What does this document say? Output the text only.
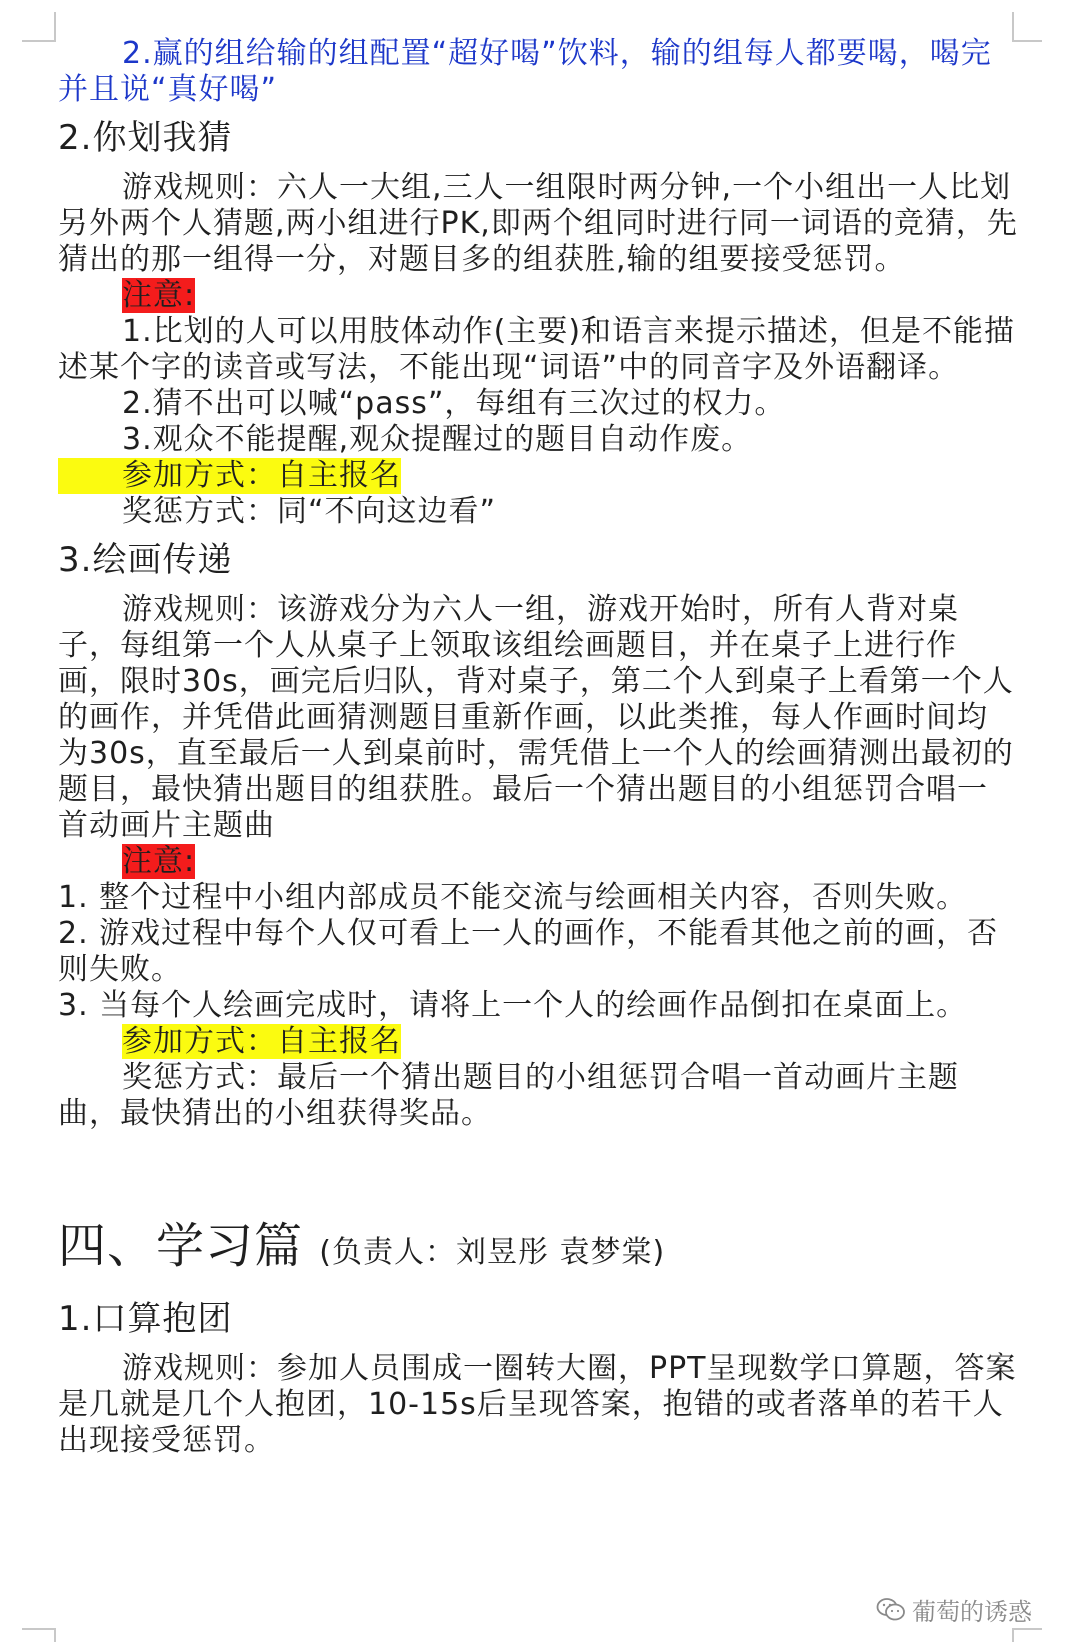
2.赢的组给输的组配置“超好喝”饮料，输的组每人都要喝，喝完并且说“真好喝”

2.你划我猜

游戏规则：六人一大组,三人一组限时两分钟,一个小组出一人比划另外两个人猜题,两小组进行PK,即两个组同时进行同一词语的竞猜，先猜出的那一组得一分，对题目多的组获胜,输的组要接受惩罚。

注意:

1.比划的人可以用肢体动作(主要)和语言来提示描述，但是不能描述某个字的读音或写法，不能出现“词语”中的同音字及外语翻译。

2.猜不出可以喊“pass”，每组有三次过的权力。

3.观众不能提醒,观众提醒过的题目自动作废。

参加方式：自主报名

奖惩方式：同“不向这边看”

3.绘画传递

游戏规则：该游戏分为六人一组，游戏开始时，所有人背对桌子，每组第一个人从桌子上领取该组绘画题目，并在桌子上进行作画，限时30s，画完后归队，背对桌子，第二个人到桌子上看第一个人的画作，并凭借此画猜测题目重新作画，以此类推，每人作画时间均为30s，直至最后一人到桌前时，需凭借上一个人的绘画猜测出最初的题目，最快猜出题目的组获胜。最后一个猜出题目的小组惩罚合唱一首动画片主题曲

注意:

1. 整个过程中小组内部成员不能交流与绘画相关内容，否则失败。

2. 游戏过程中每个人仅可看上一人的画作，不能看其他之前的画，否则失败。

3. 当每个人绘画完成时，请将上一个人的绘画作品倒扣在桌面上。

参加方式：自主报名

奖惩方式：最后一个猜出题目的小组惩罚合唱一首动画片主题曲，最快猜出的小组获得奖品。

四、学习篇 (负责人：刘昱彤 袁梦棠)
1.口算抱团

游戏规则：参加人员围成一圈转大圈，PPT呈现数学口算题，答案是几就是几个人抱团，10-15s后呈现答案，抱错的或者落单的若干人出现接受惩罚。

葡萄的诱惑
